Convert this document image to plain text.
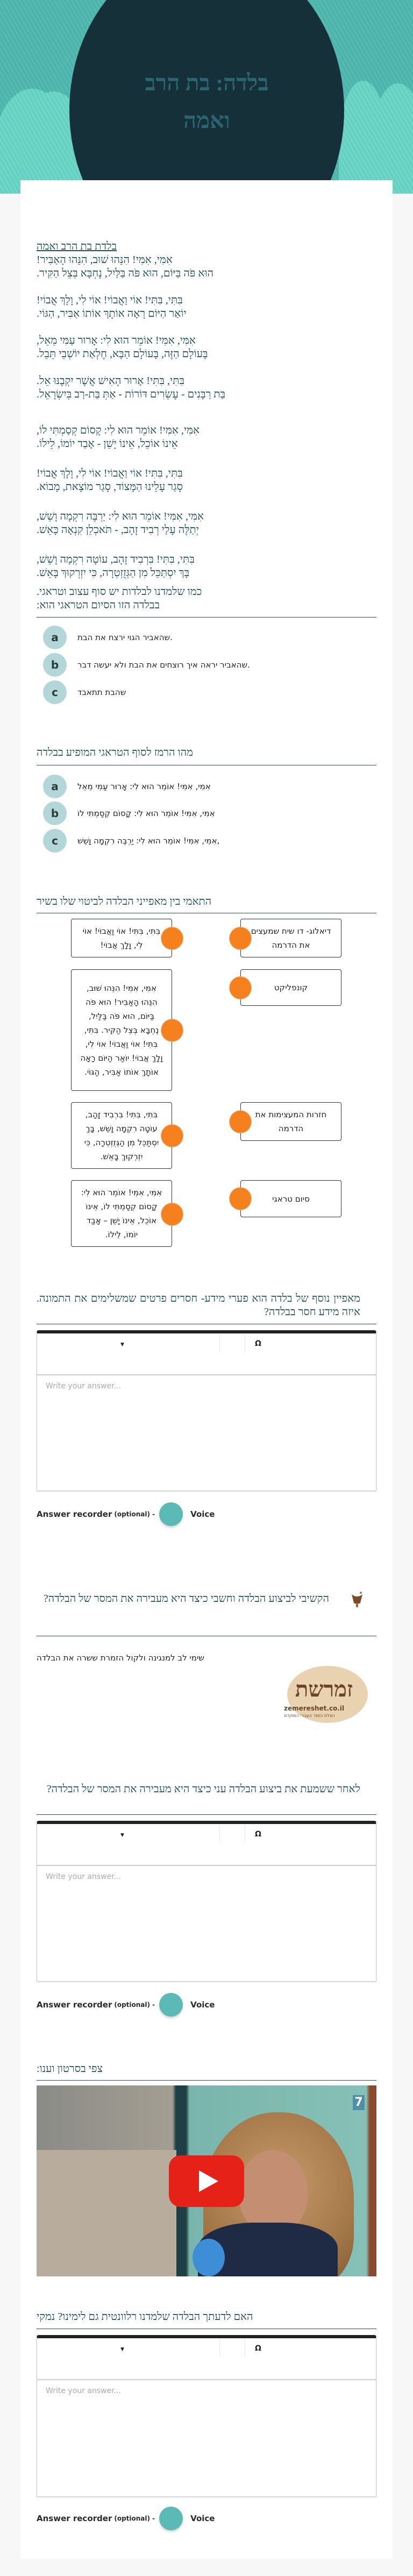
בלדה: בת הרב
ואמה
בלדת בת הרב ואמה
אִמִּי, אִמִּי! הִנֵּהוּ שׁוּב, הִנֵּהוּ הָאַבִּיר!
הוּא פֹּה בַּיּוֹם, הוּא פֹּה בַּלַּיִל, נֶחְבָּא בְּצֵל הַקִּיר.
בִּתִּי, בִּתִּי! אוֹי וַאֲבוֹי! אוֹי לִי, וָלָךְ אֲבוֹי!
יוֹאַר הַיּוֹם רָאָה אוֹתָךְ אוֹתוֹ אַבִּיר, הַגּוֹי.
אִמִּי, אִמִּי! אוֹמֵר הוּא לִי: אָרוּר עַמִּי מֵאֵל,
בָּעוֹלָם הַזֶּה, בָּעוֹלָם הַבָּא, חֶלְאַת יוֹשְׁבֵי תֵּבֵל.
בִּתִּי, בִּתִּי! אָרוּר הָאִישׁ אֲשֶׁר יִקְבֶנּוּ אֵל.
בַּת רַבָּנִים - עֶשְׂרִים דּוֹרוֹת - אַתְּ בַּת-רַב בְּיִשְׂרָאֵל.
אִמִּי, אִמִּי! אוֹמֵר הוּא לִי: קָסוֹם קְסַמְתִּי לוֹ,
אֵינוֹ אוֹכֵל, אֵינוֹ יָשֵׁן - אָבַד יוֹמוֹ, לֵילוֹ.
בִּתִּי, בִּתִּי! אוֹי וַאֲבוֹי! אוֹי לִי, וָלָךְ אֲבוֹי!
סָגַר עָלֵינוּ הַמָּצוֹד, סָגַר מוֹצָאת, מָבוֹא.
אִמִּי, אִמִּי! אוֹמֵר הוּא לִי: יַרְבֶּה רִקְמָה וָשֵׁשׁ,
יְתַלֶּה עָלַי רְבִיד זָהָב, - תֹּאכְלֵן קִנְאָה כָּאֵשׁ.
בִּתִּי, בִּתִּי! בִּרְבִיד זָהָב, עוֹטָה רִקְמָה וָשֵׁשׁ,
בָּךְ יִסְתַּכֵּל מִן הַגְּזֻזְטְרָה, כִּי יִזְרְקוּךְ בָּאֵשׁ.
כמו שלמדנו לבלדות יש סוף עצוב וטראגי.
בבלדה הזו הסיום הטראגי הוא:
a	.שהאביר הגוי ירצח את הבת
b	.שהאביר יראה איך רוצחים את הבת ולא יעשה דבר
c	שהבת תתאבד
מהו הרמז לסוף הטראגי המופיע בבלדה
a	אִמִּי, אִמִּי! אוֹמֵר הוּא לִי: אָרוּר עַמִּי מֵאֵל
b	אִמִּי, אִמִּי! אוֹמֵר הוּא לִי: קָסוֹם קְסַמְתִּי לוֹ
c	,אִמִּי, אִמִּי! אוֹמֵר הוּא לִי: יַרְבֶּה רִקְמָה וָשֵׁשׁ
התאמי בין מאפייני הבלדה לביטוי שלו בשיר
בִּתִּי, בִּתִּי! אוֹי וַאֲבוֹי! אוֹי לִי, וָלָךְ אֲבוֹי!
אִמִּי, אִמִּי! הִנֵּהוּ שׁוּב, הִנֵּהוּ הָאַבִּיר! הוּא פֹּה בַּיּוֹם, הוּא פֹּה בַּלַּיִל, נֶחְבָּא בְּצֵל הַקִּיר. בִּתִּי, בִּתִּי! אוֹי וַאֲבוֹי! אוֹי לִי, וָלָךְ אֲבוֹי! יוֹאַר הַיּוֹם רָאָה אוֹתָךְ אוֹתוֹ אַבִּיר, הַגּוֹי.
בִּתִּי, בִּתִּי! בִּרְבִיד זָהָב, עוֹטָה רִקְמָה וָשֵׁשׁ, בָּךְ יִסְתַּכֵּל מִן הַגְּזֻזְטְרָה, כִּי יִזְרְקוּךְ בָּאֵשׁ.
אִמִּי, אִמִּי! אוֹמֵר הוּא לִי: קָסוֹם קְסַמְתִּי לוֹ, אֵינוֹ אוֹכֵל, אֵינוֹ יָשֵׁן – אָבַד יוֹמוֹ, לֵילוֹ.
דיאלוג- דו שיח שמעצים את הדרמה
קונפליקט
חזרות המעצימות את הדרמה
סיום טראגי
מאפיין נוסף של בלדה הוא פערי מידע- חסרים פרטים שמשלימים את התמונה. איזה מידע חסר בבלדה?
▼	Ω
Write your answer...
Answer recorder (optional) -	Voice
הקשיבי לביצוע הבלדה וחשבי כיצד היא מעבירה את המסר של הבלדה?
שימי לב למנגינה ולקול הזמרת ששרה את הבלדה
זמרשת
zemereshet.co.il
הצלת הזמר העברי המוקדם
לאחר ששמעת את ביצוע הבלדה עני כיצד היא מעבירה את המסר של הבלדה?
▼	Ω
Write your answer...
Answer recorder (optional) -	Voice
צפי בסרטון וענו:
7
האם לדעתך הבלדה שלמדנו רלוונטית גם לימינו? נמקי
▼	Ω
Write your answer...
Answer recorder (optional) -	Voice
